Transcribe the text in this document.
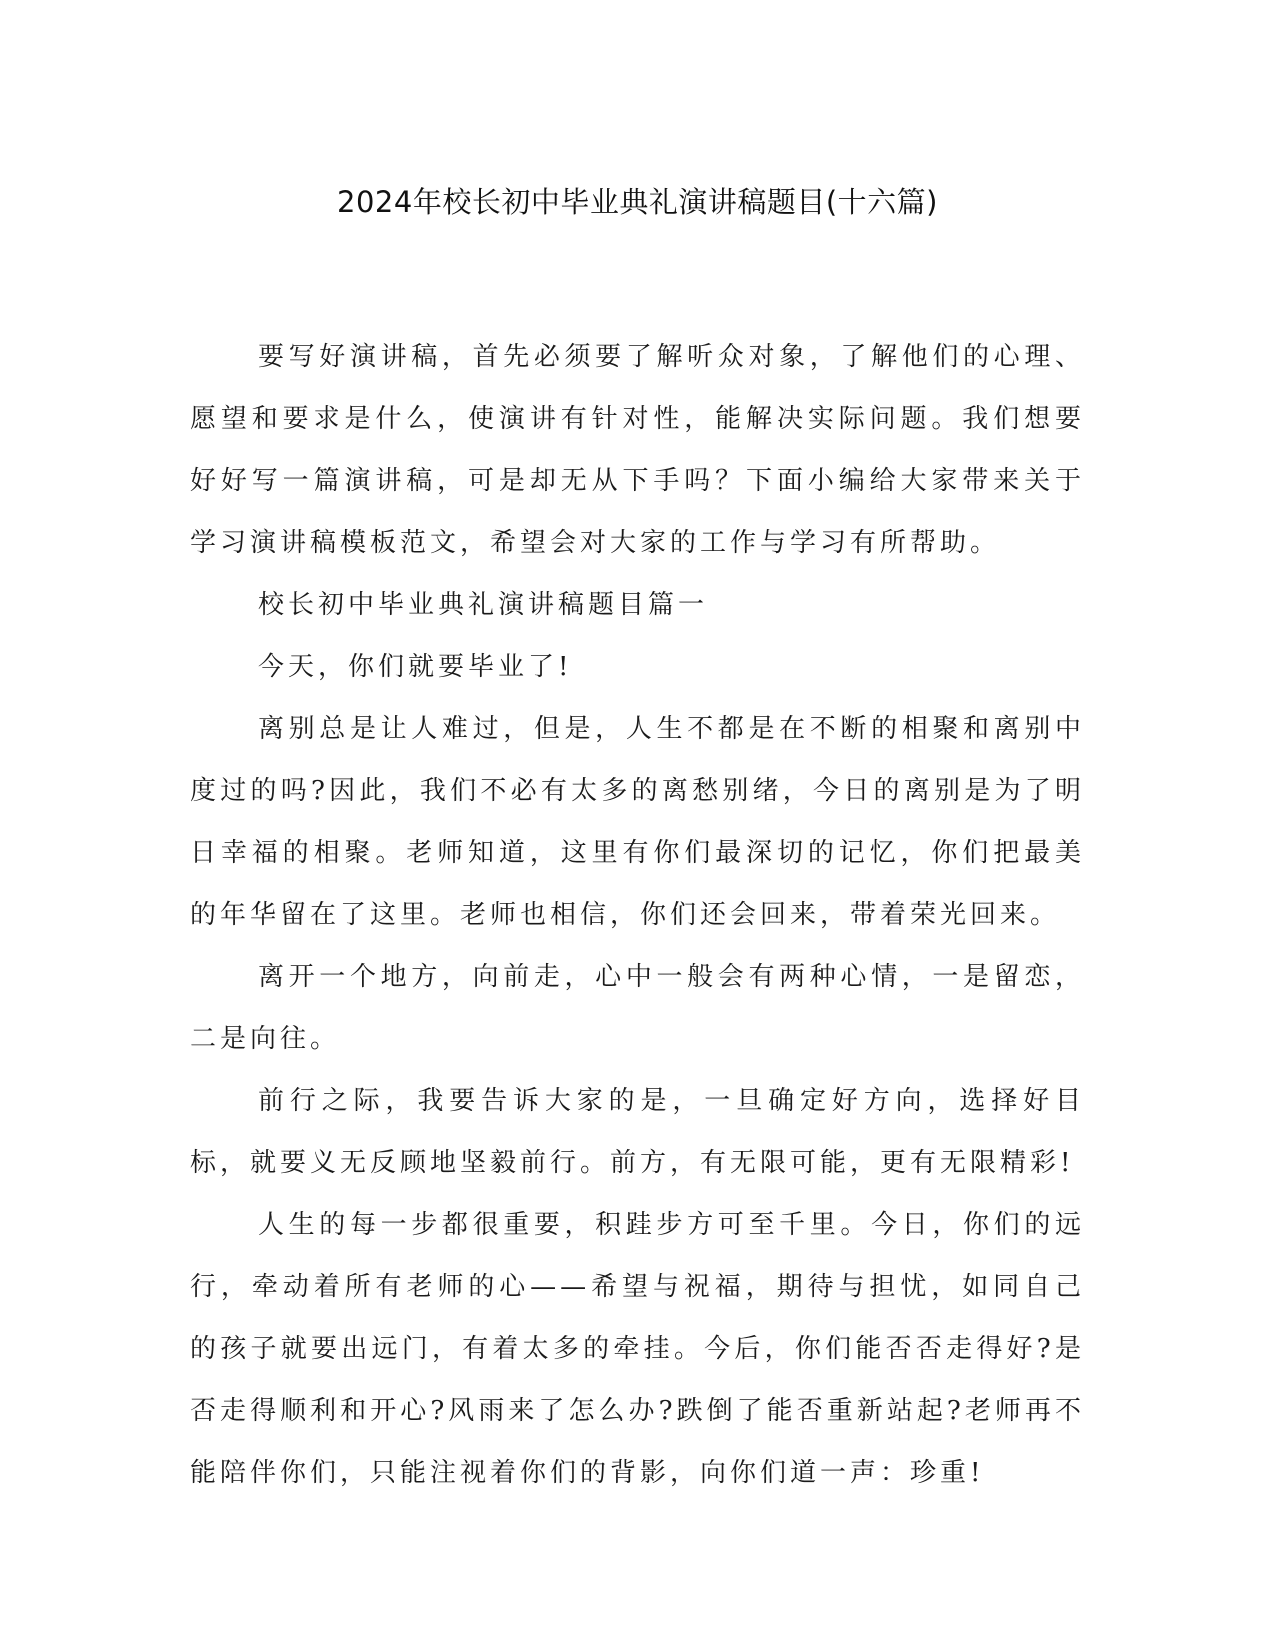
2024年校长初中毕业典礼演讲稿题目(十六篇)

要写好演讲稿，首先必须要了解听众对象，了解他们的心理、愿望和要求是什么，使演讲有针对性，能解决实际问题。我们想要好好写一篇演讲稿，可是却无从下手吗？下面小编给大家带来关于学习演讲稿模板范文，希望会对大家的工作与学习有所帮助。

校长初中毕业典礼演讲稿题目篇一

今天，你们就要毕业了!

离别总是让人难过，但是，人生不都是在不断的相聚和离别中度过的吗?因此，我们不必有太多的离愁别绪，今日的离别是为了明日幸福的相聚。老师知道，这里有你们最深切的记忆，你们把最美的年华留在了这里。老师也相信，你们还会回来，带着荣光回来。

离开一个地方，向前走，心中一般会有两种心情，一是留恋，二是向往。

前行之际，我要告诉大家的是，一旦确定好方向，选择好目标，就要义无反顾地坚毅前行。前方，有无限可能，更有无限精彩!

人生的每一步都很重要，积跬步方可至千里。今日，你们的远行，牵动着所有老师的心——希望与祝福，期待与担忧，如同自己的孩子就要出远门，有着太多的牵挂。今后，你们能否否走得好?是否走得顺利和开心?风雨来了怎么办?跌倒了能否重新站起?老师再不能陪伴你们，只能注视着你们的背影，向你们道一声：珍重!
